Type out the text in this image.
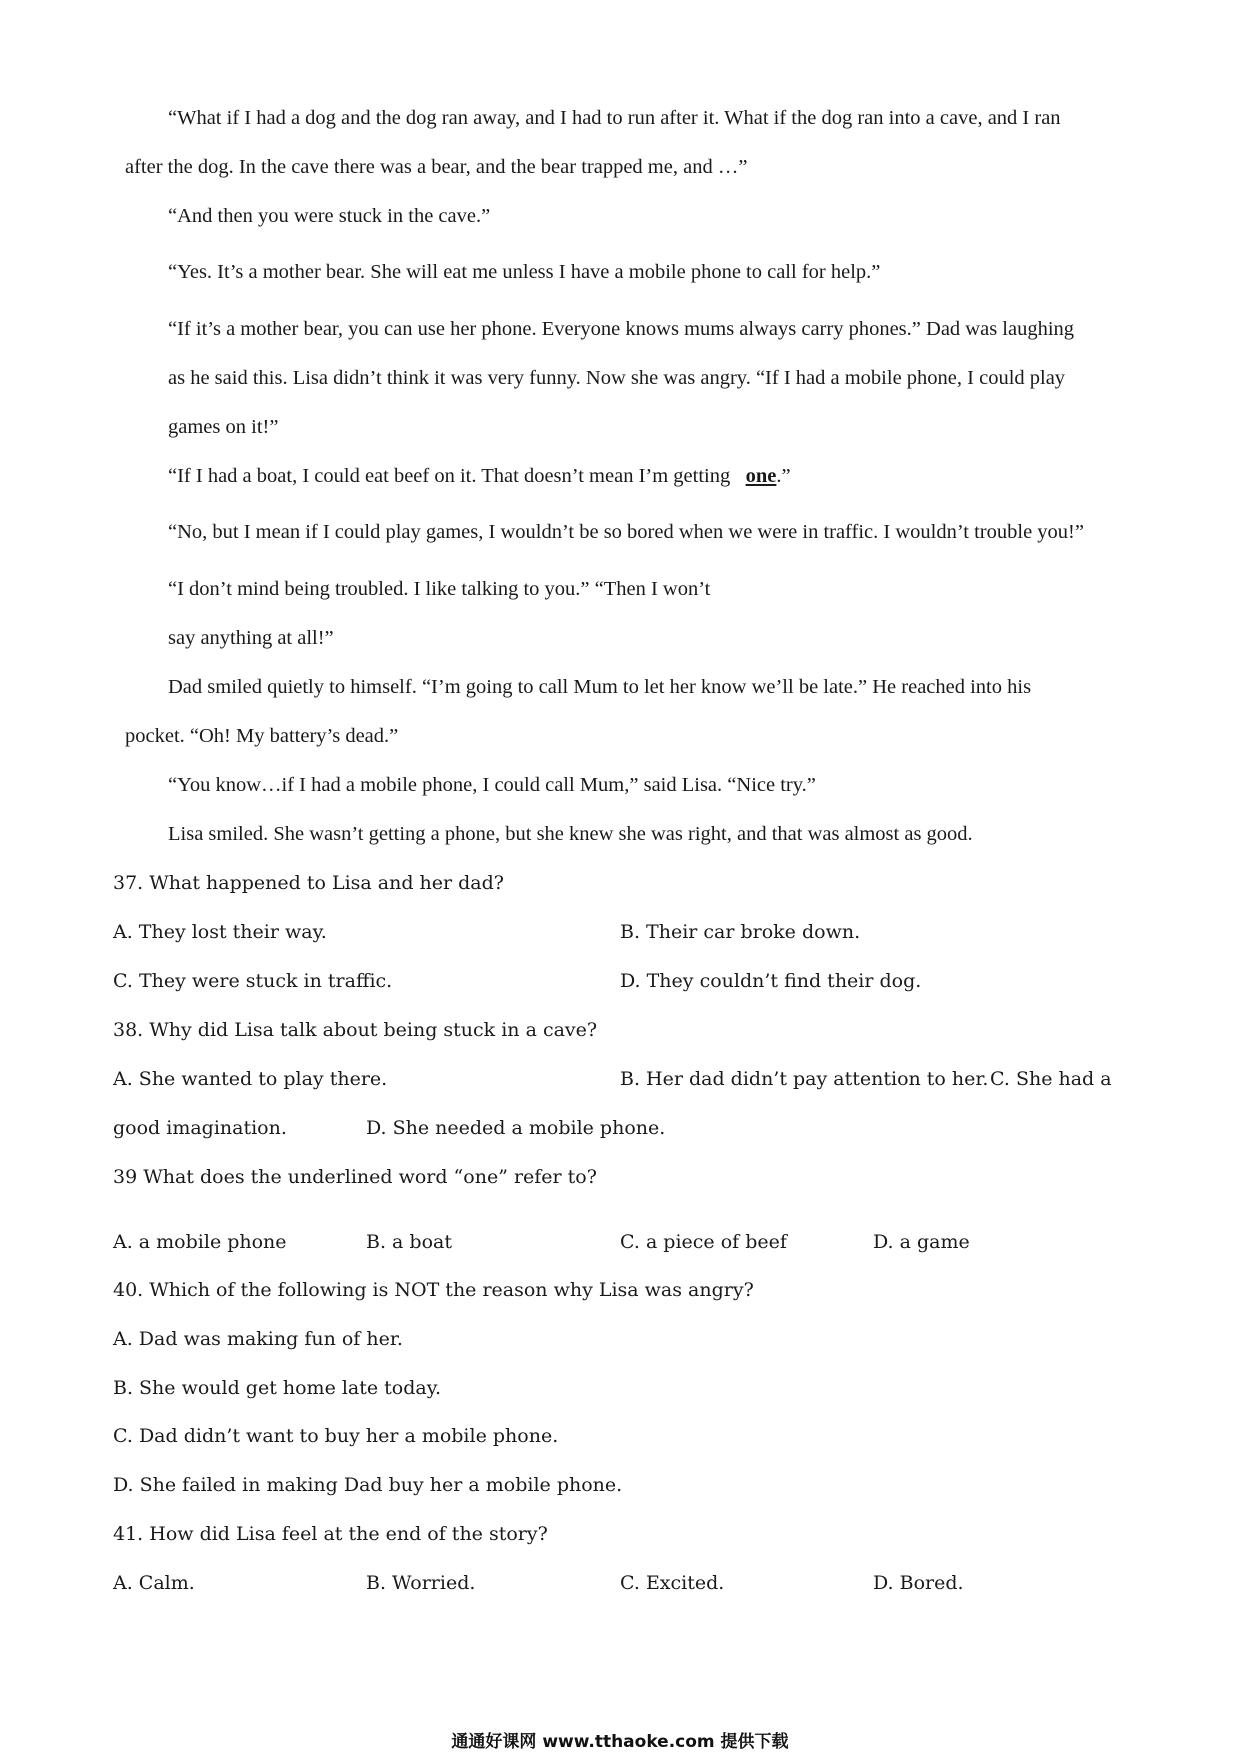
“What if I had a dog and the dog ran away, and I had to run after it. What if the dog ran into a cave, and I ran
after the dog. In the cave there was a bear, and the bear trapped me, and …”
“And then you were stuck in the cave.”
“Yes. It’s a mother bear. She will eat me unless I have a mobile phone to call for help.”
“If it’s a mother bear, you can use her phone. Everyone knows mums always carry phones.” Dad was laughing
as he said this. Lisa didn’t think it was very funny. Now she was angry. “If I had a mobile phone, I could play
games on it!”
“If I had a boat, I could eat beef on it. That doesn’t mean I’m getting one.”
“No, but I mean if I could play games, I wouldn’t be so bored when we were in traffic. I wouldn’t trouble you!”
“I don’t mind being troubled. I like talking to you.” “Then I won’t
say anything at all!”
Dad smiled quietly to himself. “I’m going to call Mum to let her know we’ll be late.” He reached into his
pocket. “Oh! My battery’s dead.”
“You know…if I had a mobile phone, I could call Mum,” said Lisa. “Nice try.”
Lisa smiled. She wasn’t getting a phone, but she knew she was right, and that was almost as good.
37. What happened to Lisa and her dad?
A. They lost their way.	B. Their car broke down.
C. They were stuck in traffic.	D. They couldn’t find their dog.
38. Why did Lisa talk about being stuck in a cave?
A. She wanted to play there.	B. Her dad didn’t pay attention to her. C. She had a
good imagination.	D. She needed a mobile phone.
39 What does the underlined word “one” refer to?
A. a mobile phone	B. a boat	C. a piece of beef	D. a game
40. Which of the following is NOT the reason why Lisa was angry?
A. Dad was making fun of her.
B. She would get home late today.
C. Dad didn’t want to buy her a mobile phone.
D. She failed in making Dad buy her a mobile phone.
41. How did Lisa feel at the end of the story?
A. Calm.	B. Worried.	C. Excited.	D. Bored.
通通好课网 www.tthaoke.com 提供下载
